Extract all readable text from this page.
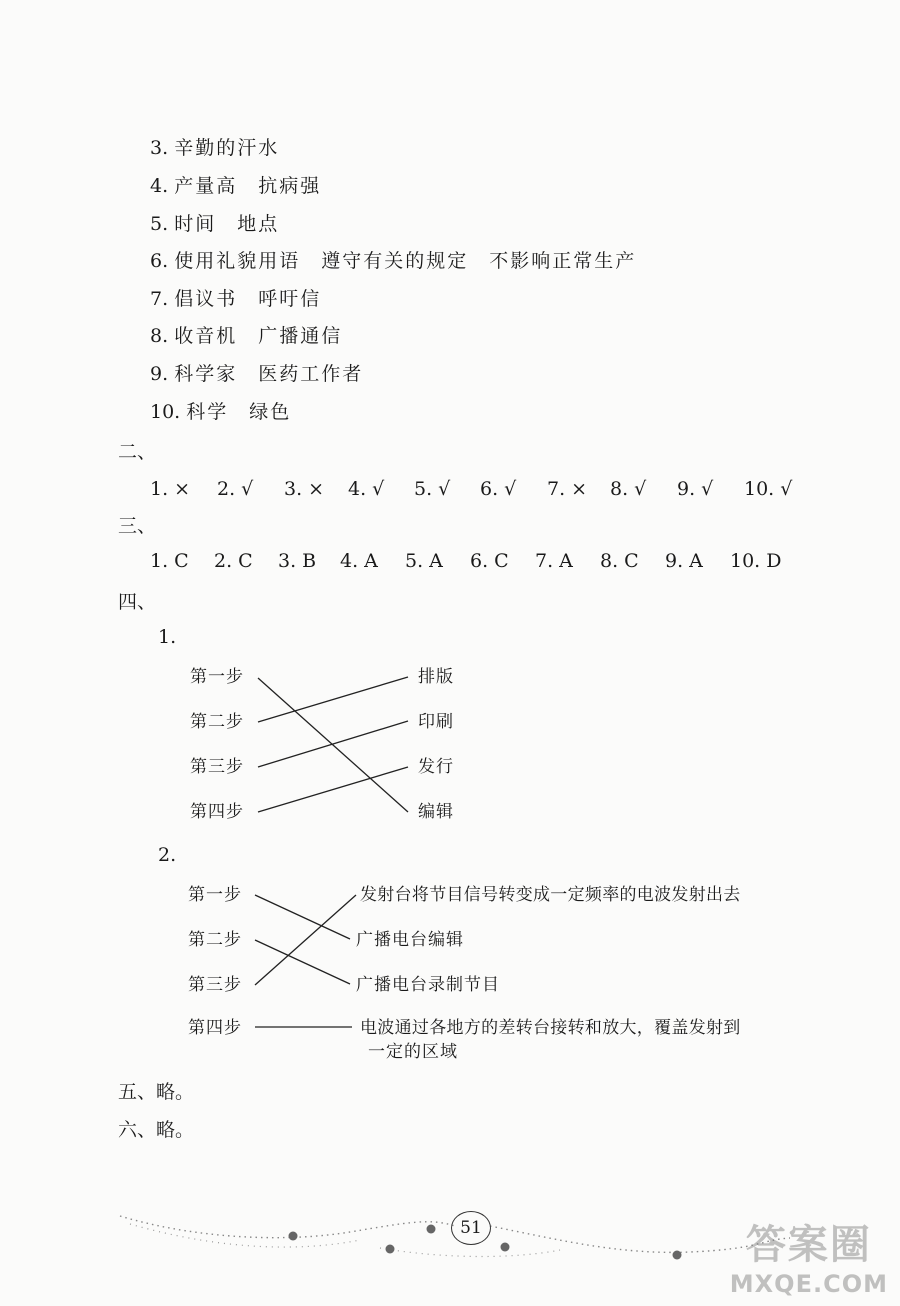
3. 辛勤的汗水
4. 产量高　抗病强
5. 时间　地点
6. 使用礼貌用语　遵守有关的规定　不影响正常生产
7. 倡议书　呼吁信
8. 收音机　广播通信
9. 科学家　医药工作者
10. 科学　绿色
二、
1. × 2. √ 3. × 4. √ 5. √ 6. √ 7. × 8. √ 9. √ 10. √
三、
1. C 2. C 3. B 4. A 5. A 6. C 7. A 8. C 9. A 10. D
四、
1.
第一步
第二步
第三步
第四步
排版
印刷
发行
编辑
2.
第一步
第二步
第三步
第四步
发射台将节目信号转变成一定频率的电波发射出去
广播电台编辑
广播电台录制节目
电波通过各地方的差转台接转和放大，覆盖发射到
一定的区域
五、略。
六、略。
51	答案圈
MXQE.COM
